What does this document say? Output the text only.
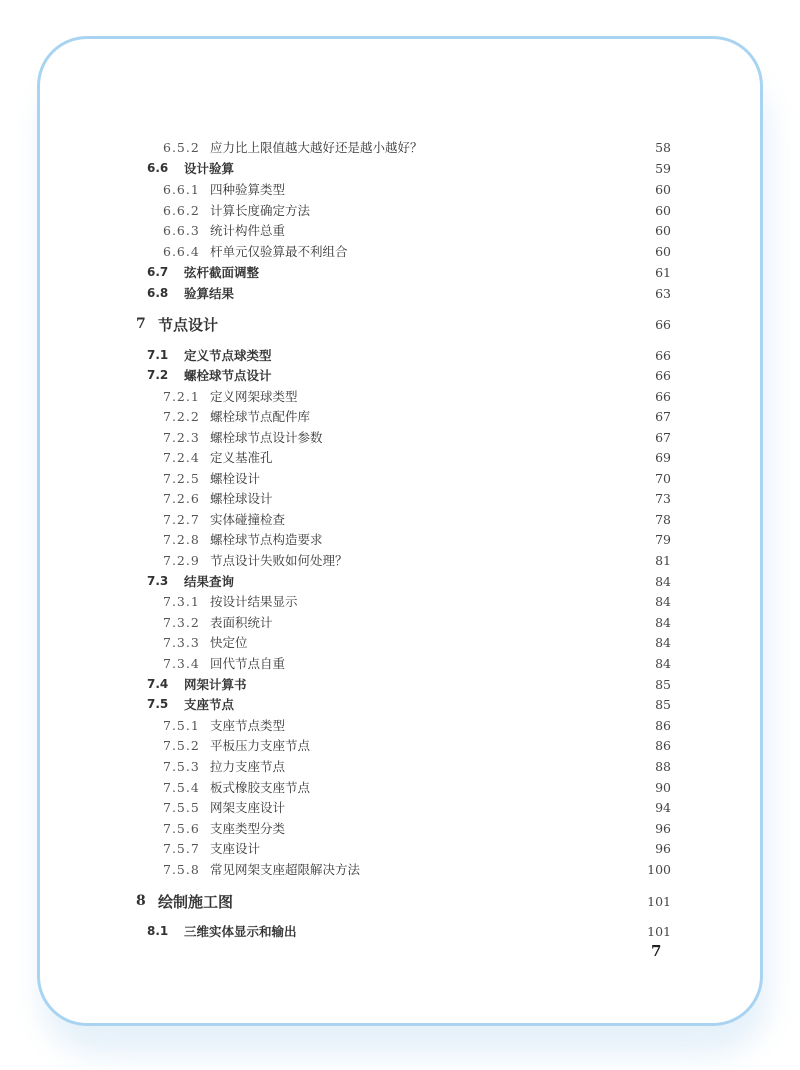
6.5.2 应力比上限值越大越好还是越小越好？	58
6.6 设计验算	59
6.6.1 四种验算类型	60
6.6.2 计算长度确定方法	60
6.6.3 统计构件总重	60
6.6.4 杆单元仅验算最不利组合	60
6.7 弦杆截面调整	61
6.8 验算结果	63
7 节点设计	66
7.1 定义节点球类型	66
7.2 螺栓球节点设计	66
7.2.1 定义网架球类型	66
7.2.2 螺栓球节点配件库	67
7.2.3 螺栓球节点设计参数	67
7.2.4 定义基准孔	69
7.2.5 螺栓设计	70
7.2.6 螺栓球设计	73
7.2.7 实体碰撞检查	78
7.2.8 螺栓球节点构造要求	79
7.2.9 节点设计失败如何处理？	81
7.3 结果查询	84
7.3.1 按设计结果显示	84
7.3.2 表面积统计	84
7.3.3 快定位	84
7.3.4 回代节点自重	84
7.4 网架计算书	85
7.5 支座节点	85
7.5.1 支座节点类型	86
7.5.2 平板压力支座节点	86
7.5.3 拉力支座节点	88
7.5.4 板式橡胶支座节点	90
7.5.5 网架支座设计	94
7.5.6 支座类型分类	96
7.5.7 支座设计	96
7.5.8 常见网架支座超限解决方法	100
8 绘制施工图	101
8.1 三维实体显示和输出	101
7
